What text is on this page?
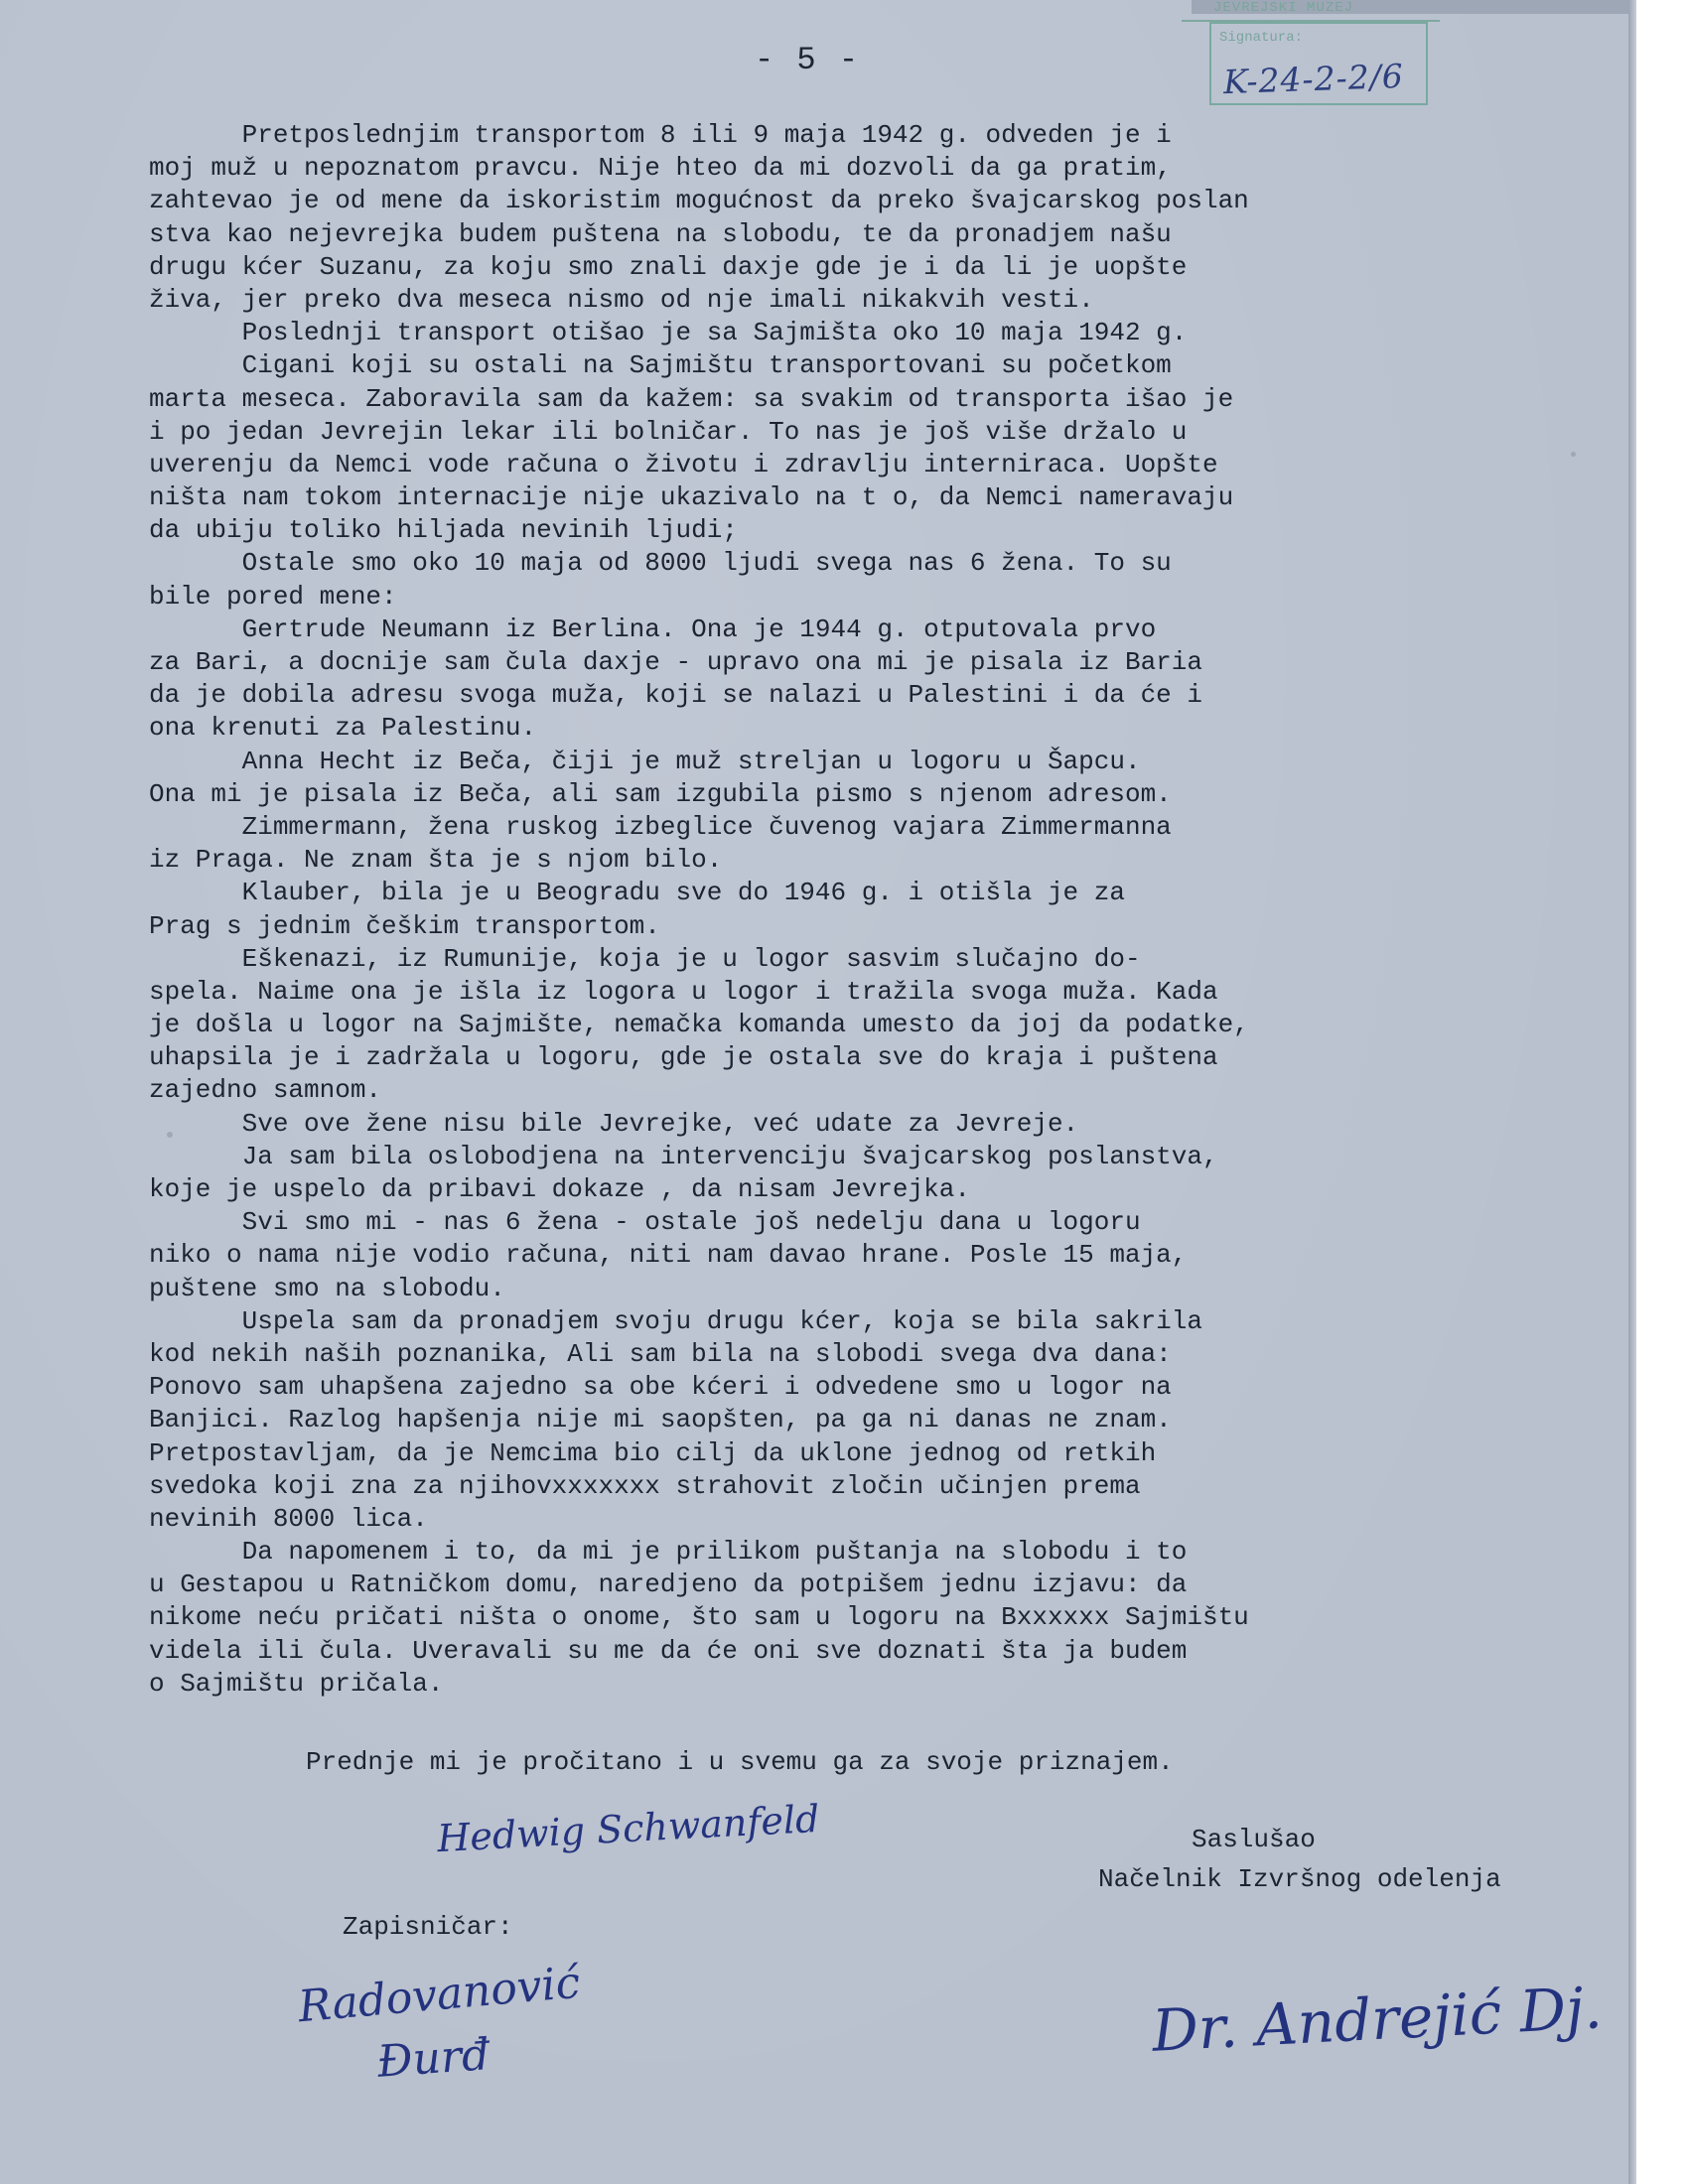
JEVREJSKI MUZEJ
Signatura:
K-24-2-2/6
- 5 -
Pretposlednjim transportom 8 ili 9 maja 1942 g. odveden je i
moj muž u nepoznatom pravcu. Nije hteo da mi dozvoli da ga pratim,
zahtevao je od mene da iskoristim mogućnost da preko švajcarskog poslan
stva kao nejevrejka budem puštena na slobodu, te da pronadjem našu
drugu kćer Suzanu, za koju smo znali daxje gde je i da li je uopšte
živa, jer preko dva meseca nismo od nje imali nikakvih vesti.
Poslednji transport otišao je sa Sajmišta oko 10 maja 1942 g.
Cigani koji su ostali na Sajmištu transportovani su početkom
marta meseca. Zaboravila sam da kažem: sa svakim od transporta išao je
i po jedan Jevrejin lekar ili bolničar. To nas je još više držalo u
uverenju da Nemci vode računa o životu i zdravlju interniraca. Uopšte
ništa nam tokom internacije nije ukazivalo na t o, da Nemci nameravaju
da ubiju toliko hiljada nevinih ljudi;
Ostale smo oko 10 maja od 8000 ljudi svega nas 6 žena. To su
bile pored mene:
Gertrude Neumann iz Berlina. Ona je 1944 g. otputovala prvo
za Bari, a docnije sam čula daxje - upravo ona mi je pisala iz Baria
da je dobila adresu svoga muža, koji se nalazi u Palestini i da će i
ona krenuti za Palestinu.
Anna Hecht iz Beča, čiji je muž streljan u logoru u Šapcu.
Ona mi je pisala iz Beča, ali sam izgubila pismo s njenom adresom.
Zimmermann, žena ruskog izbeglice čuvenog vajara Zimmermanna
iz Praga. Ne znam šta je s njom bilo.
Klauber, bila je u Beogradu sve do 1946 g. i otišla je za
Prag s jednim češkim transportom.
Eškenazi, iz Rumunije, koja je u logor sasvim slučajno do-
spela. Naime ona je išla iz logora u logor i tražila svoga muža. Kada
je došla u logor na Sajmište, nemačka komanda umesto da joj da podatke,
uhapsila je i zadržala u logoru, gde je ostala sve do kraja i puštena
zajedno samnom.
Sve ove žene nisu bile Jevrejke, već udate za Jevreje.
Ja sam bila oslobodjena na intervenciju švajcarskog poslanstva,
koje je uspelo da pribavi dokaze , da nisam Jevrejka.
Svi smo mi - nas 6 žena - ostale još nedelju dana u logoru
niko o nama nije vodio računa, niti nam davao hrane. Posle 15 maja,
puštene smo na slobodu.
Uspela sam da pronadjem svoju drugu kćer, koja se bila sakrila
kod nekih naših poznanika, Ali sam bila na slobodi svega dva dana:
Ponovo sam uhapšena zajedno sa obe kćeri i odvedene smo u logor na
Banjici. Razlog hapšenja nije mi saopšten, pa ga ni danas ne znam.
Pretpostavljam, da je Nemcima bio cilj da uklone jednog od retkih
svedoka koji zna za njihovxxxxxxx strahovit zločin učinjen prema
nevinih 8000 lica.
Da napomenem i to, da mi je prilikom puštanja na slobodu i to
u Gestapou u Ratničkom domu, naredjeno da potpišem jednu izjavu: da
nikome neću pričati ništa o onome, što sam u logoru na Bxxxxxx Sajmištu
videla ili čula. Uveravali su me da će oni sve doznati šta ja budem
o Sajmištu pričala.
Prednje mi je pročitano i u svemu ga za svoje priznajem.
Hedwig Schwanfeld	Saslušao
Načelnik Izvršnog odelenja
Zapisničar:
Radovanović
Đurđ	Dr. Andrejić Dj.
